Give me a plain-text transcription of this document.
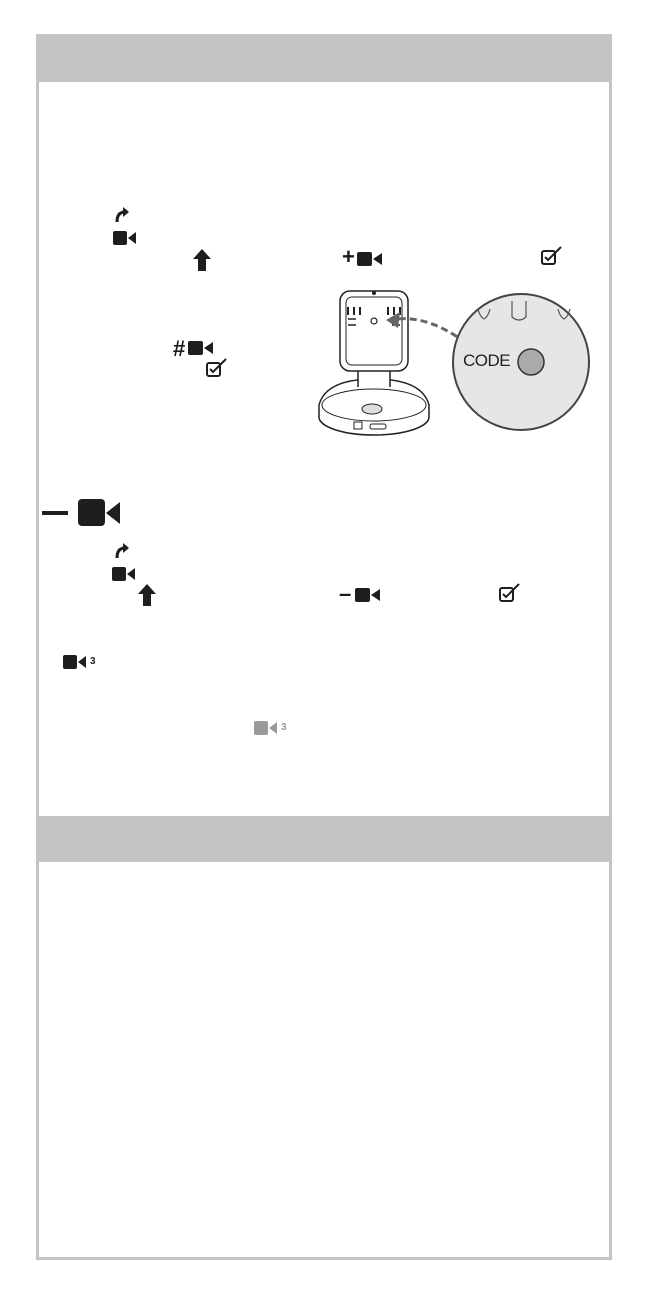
+
#	CODE
–
3
3
